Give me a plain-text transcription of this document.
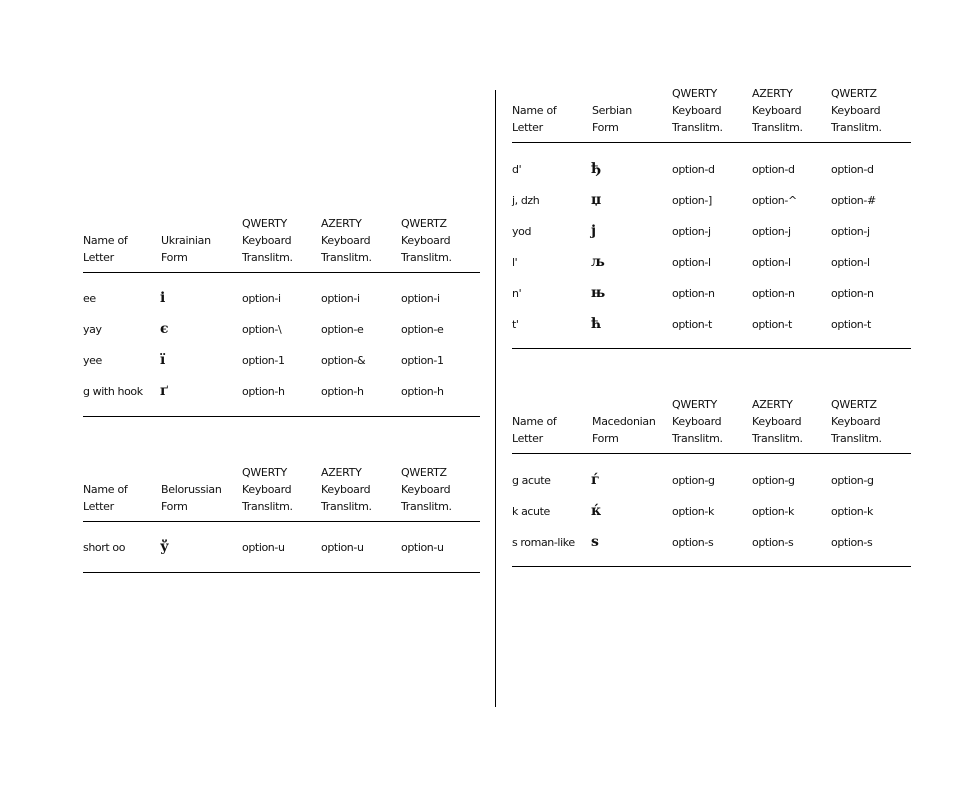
Name of
Letter
Ukrainian
Form
QWERTY
Keyboard
Translitm.
AZERTY
Keyboard
Translitm.
QWERTZ
Keyboard
Translitm.
ee	і	option-i	option-i	option-i
yay	є	option-\	option-e	option-e
yee	ї	option-1	option-&	option-1
g with hook ґ	option-h	option-h	option-h
Name of
Letter
Belorussian
Form
QWERTY
Keyboard
Translitm.
AZERTY
Keyboard
Translitm.
QWERTZ
Keyboard
Translitm.
short oo ў	option-u	option-u	option-u
Name of
Letter
Serbian
Form
QWERTY
Keyboard
Translitm.
AZERTY
Keyboard
Translitm.
QWERTZ
Keyboard
Translitm.
d'	ђ	option-d	option-d	option-d
j, dzh	џ	option-]	option-^	option-#
yod	ј	option-j	option-j	option-j
l'	љ	option-l	option-l	option-l
n'	њ	option-n	option-n	option-n
t'	ћ	option-t	option-t	option-t
Name of
Letter
Macedonian
Form
QWERTY
Keyboard
Translitm.
AZERTY
Keyboard
Translitm.
QWERTZ
Keyboard
Translitm.
g acute	ѓ	option-g	option-g	option-g
k acute	ќ	option-k	option-k	option-k
s roman-like ѕ	option-s	option-s	option-s
